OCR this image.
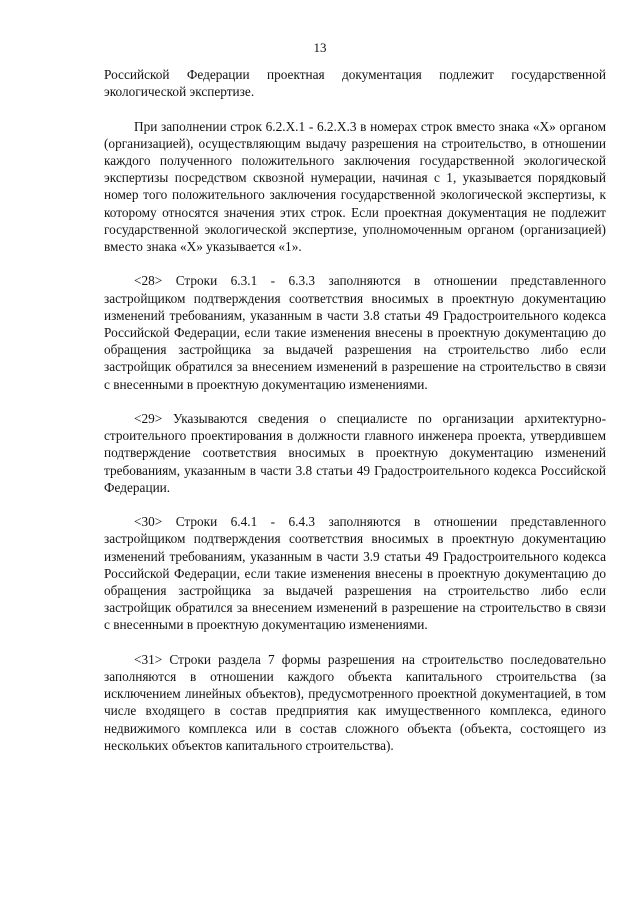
13

Российской Федерации проектная документация подлежит государственной экологической экспертизе.

При заполнении строк 6.2.X.1 - 6.2.X.3 в номерах строк вместо знака «X» органом (организацией), осуществляющим выдачу разрешения на строительство, в отношении каждого полученного положительного заключения государственной экологической экспертизы посредством сквозной нумерации, начиная с 1, указывается порядковый номер того положительного заключения государственной экологической экспертизы, к которому относятся значения этих строк. Если проектная документация не подлежит государственной экологической экспертизе, уполномоченным органом (организацией) вместо знака «X» указывается «1».

<28> Строки 6.3.1 - 6.3.3 заполняются в отношении представленного застройщиком подтверждения соответствия вносимых в проектную документацию изменений требованиям, указанным в части 3.8 статьи 49 Градостроительного кодекса Российской Федерации, если такие изменения внесены в проектную документацию до обращения застройщика за выдачей разрешения на строительство либо если застройщик обратился за внесением изменений в разрешение на строительство в связи с внесенными в проектную документацию изменениями.

<29> Указываются сведения о специалисте по организации архитектурно-строительного проектирования в должности главного инженера проекта, утвердившем подтверждение соответствия вносимых в проектную документацию изменений требованиям, указанным в части 3.8 статьи 49 Градостроительного кодекса Российской Федерации.

<30> Строки 6.4.1 - 6.4.3 заполняются в отношении представленного застройщиком подтверждения соответствия вносимых в проектную документацию изменений требованиям, указанным в части 3.9 статьи 49 Градостроительного кодекса Российской Федерации, если такие изменения внесены в проектную документацию до обращения застройщика за выдачей разрешения на строительство либо если застройщик обратился за внесением изменений в разрешение на строительство в связи с внесенными в проектную документацию изменениями.

<31> Строки раздела 7 формы разрешения на строительство последовательно заполняются в отношении каждого объекта капитального строительства (за исключением линейных объектов), предусмотренного проектной документацией, в том числе входящего в состав предприятия как имущественного комплекса, единого недвижимого комплекса или в состав сложного объекта (объекта, состоящего из нескольких объектов капитального строительства).
